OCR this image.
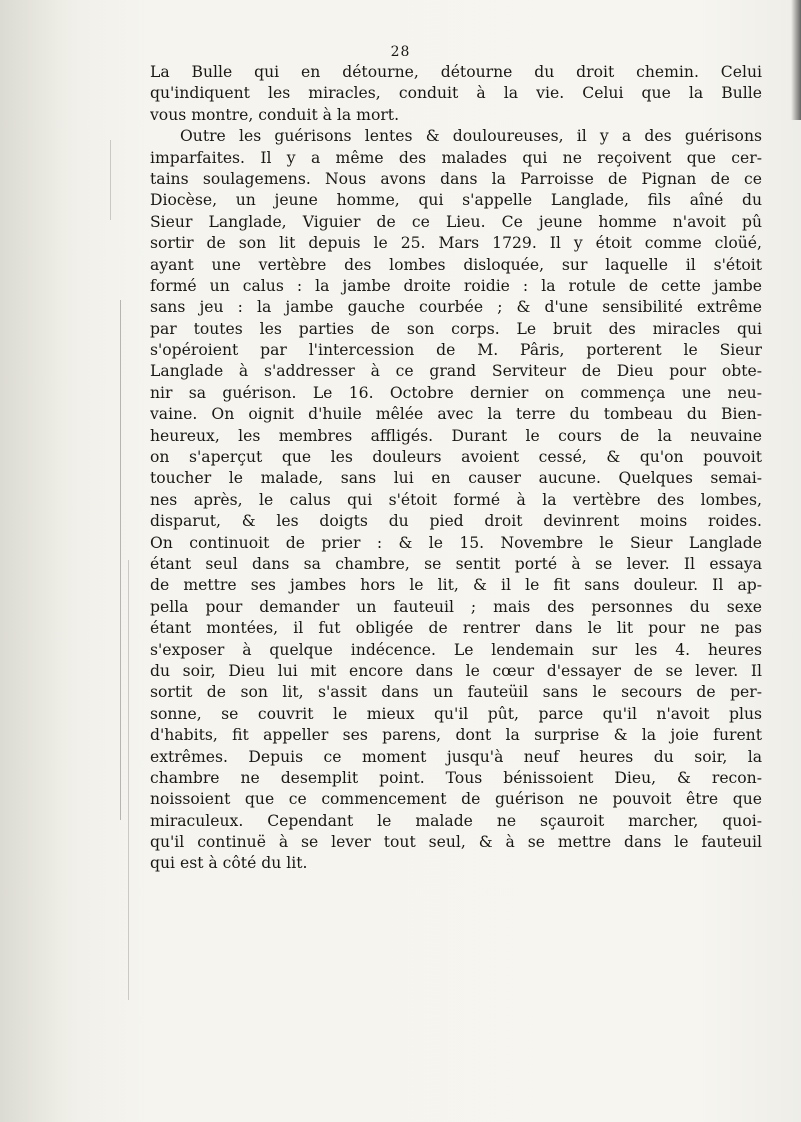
28
La Bulle qui en détourne, détourne du droit chemin. Celui
qu'indiquent les miracles, conduit à la vie. Celui que la Bulle
vous montre, conduit à la mort.
Outre les guérisons lentes & douloureuses, il y a des guérisons
imparfaites. Il y a même des malades qui ne reçoivent que cer-
tains soulagemens. Nous avons dans la Parroisse de Pignan de ce
Diocèse, un jeune homme, qui s'appelle Langlade, fils aîné du
Sieur Langlade, Viguier de ce Lieu. Ce jeune homme n'avoit pû
sortir de son lit depuis le 25. Mars 1729. Il y étoit comme cloüé,
ayant une vertèbre des lombes disloquée, sur laquelle il s'étoit
formé un calus : la jambe droite roidie : la rotule de cette jambe
sans jeu : la jambe gauche courbée ; & d'une sensibilité extrême
par toutes les parties de son corps. Le bruit des miracles qui
s'opéroient par l'intercession de M. Pâris, porterent le Sieur
Langlade à s'addresser à ce grand Serviteur de Dieu pour obte-
nir sa guérison. Le 16. Octobre dernier on commença une neu-
vaine. On oignit d'huile mêlée avec la terre du tombeau du Bien-
heureux, les membres affligés. Durant le cours de la neuvaine
on s'aperçut que les douleurs avoient cessé, & qu'on pouvoit
toucher le malade, sans lui en causer aucune. Quelques semai-
nes après, le calus qui s'étoit formé à la vertèbre des lombes,
disparut, & les doigts du pied droit devinrent moins roides.
On continuoit de prier : & le 15. Novembre le Sieur Langlade
étant seul dans sa chambre, se sentit porté à se lever. Il essaya
de mettre ses jambes hors le lit, & il le fit sans douleur. Il ap-
pella pour demander un fauteuil ; mais des personnes du sexe
étant montées, il fut obligée de rentrer dans le lit pour ne pas
s'exposer à quelque indécence. Le lendemain sur les 4. heures
du soir, Dieu lui mit encore dans le cœur d'essayer de se lever. Il
sortit de son lit, s'assit dans un fauteüil sans le secours de per-
sonne, se couvrit le mieux qu'il pût, parce qu'il n'avoit plus
d'habits, fit appeller ses parens, dont la surprise & la joie furent
extrêmes. Depuis ce moment jusqu'à neuf heures du soir, la
chambre ne desemplit point. Tous bénissoient Dieu, & recon-
noissoient que ce commencement de guérison ne pouvoit être que
miraculeux. Cependant le malade ne sçauroit marcher, quoi-
qu'il continuë à se lever tout seul, & à se mettre dans le fauteuil
qui est à côté du lit.
